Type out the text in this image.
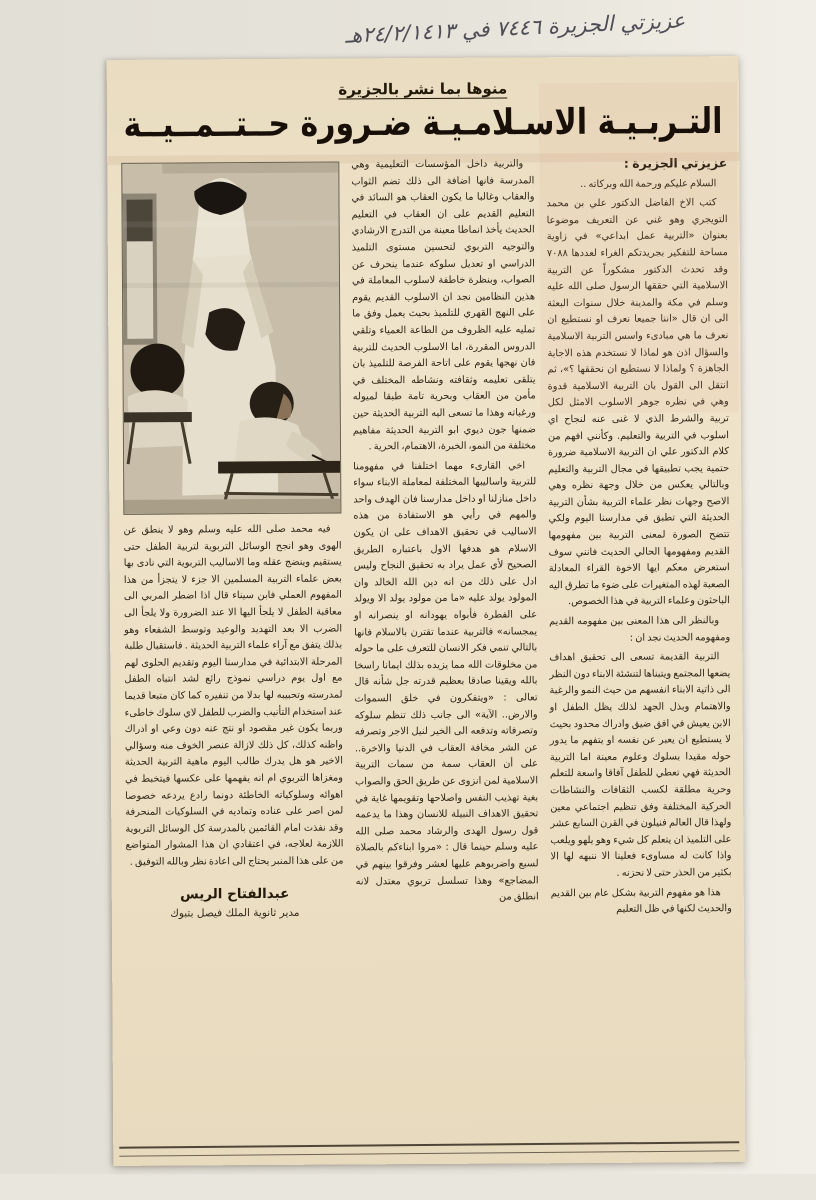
عزيزتي الجزيرة ٧٤٤٦ في ٢٤/٢/١٤١٣هـ
منوها بما نشر بالجزيرة
التـربـيـة الاسـلامـيـة ضـرورة حــتــمــيــة

عزيزتي الجزيرة :

السلام عليكم ورحمة الله وبركاته ..

كتب الاخ الفاضل الدكتور علي بن محمد التويجري وهو غني عن التعريف موضوعا بعنوان «التربية عمل ابداعي» في زاوية مساحة للتفكير بجريدتكم الغراء لعددها ٧٠٨٨ وقد تحدث الدكتور مشكوراً عن التربية الاسلامية التي حققها الرسول صلى الله عليه وسلم في مكة والمدينة خلال سنوات البعثة الى ان قال «اننا جميعا نعرف او نستطيع ان نعرف ما هي مبادىء واسس التربية الاسلامية والسؤال اذن هو لماذا لا نستخدم هذه الاجابة الجاهزة ؟ ولماذا لا نستطيع ان نحققها ؟»، ثم انتقل الى القول بان التربية الاسلامية قدوة وهي في نظره جوهر الاسلوب الامثل لكل تربية والشرط الذي لا غنى عنه لنجاح اي اسلوب في التربية والتعليم. وكأنني افهم من كلام الدكتور علي ان التربية الاسلامية ضرورة حتمية يجب تطبيقها في مجال التربية والتعليم وبالتالي يعكس من خلال وجهة نظره وهي الاصح وجهات نظر علماء التربية بشأن التربية الحديثة التي تطبق في مدارسنا اليوم ولكي تتضح الصورة لمعنى التربية بين مفهومها القديم ومفهومها الحالي الحديث فانني سوف استعرض معكم ايها الاخوة القراء المعادلة الصعبة لهذه المتغيرات على ضوء ما تطرق اليه الباحثون وعلماء التربية في هذا الخصوص.

وبالنظر الى هذا المعنى بين مفهومه القديم ومفهومه الحديث نجد ان :

التربية القديمة تسعى الى تحقيق اهداف يضعها المجتمع ويتبناها لتنشئة الابناء دون النظر الى ذاتية الابناء انفسهم من حيث النمو والرغبة والاهتمام وبذل الجهد لذلك يظل الطفل او الابن يعيش في افق ضيق وادراك محدود بحيث لا يستطيع ان يعبر عن نفسه او يتفهم ما يدور حوله مقيدا بسلوك وعلوم معينة اما التربية الحديثة فهي تعطي للطفل آفاقا واسعة للتعلم وحرية مطلقة لكسب الثقافات والنشاطات الحركية المختلفة وفق تنظيم اجتماعي معين ولهذا قال العالم فنيلون في القرن السابع عشر على التلميذ ان يتعلم كل شيء وهو يلهو ويلعب واذا كانت له مساوىء فعلينا الا ننبهه لها الا بكثير من الحذر حتى لا نحزنه .

هذا هو مفهوم التربية بشكل عام بين القديم والحديث لكنها في ظل التعليم

والتربية داخل المؤسسات التعليمية وهي المدرسة فانها اضافة الى ذلك تضم الثواب والعقاب وغالبا ما يكون العقاب هو السائد في التعليم القديم على ان العقاب في التعليم الحديث يأخذ انماطا معينة من التدرج الارشادي والتوجيه التربوي لتحسين مستوى التلميذ الدراسي او تعديل سلوكه عندما ينحرف عن الصواب، وبنظرة خاطفة لاسلوب المعاملة في هذين النظامين نجد ان الاسلوب القديم يقوم على النهج القهري للتلميذ بحيث يعمل وفق ما تمليه عليه الظروف من الطاعة العمياء وتلقي الدروس المقررة، اما الاسلوب الحديث للتربية فان نهجها يقوم على اتاحة الفرصة للتلميذ بان يتلقى تعليمه وثقافته ونشاطه المختلف في مأمن من العقاب وبحرية تامة طبقا لميوله ورغباته وهذا ما تسعى اليه التربية الحديثة حين ضمنها جون ديوي ابو التربية الحديثة مفاهيم مختلفة من النمو، الخبرة، الاهتمام، الحرية .

اخي القارىء مهما اختلفنا في مفهومنا للتربية واساليبها المختلفة لمعاملة الابناء سواء داخل منازلنا او داخل مدارسنا فان الهدف واحد والمهم في رأيي هو الاستفادة من هذه الاساليب في تحقيق الاهداف على ان يكون الاسلام هو هدفها الاول باعتباره الطريق الصحيح لأي عمل يراد به تحقيق النجاح وليس ادل على ذلك من انه دين الله الخالد وان المولود يولد عليه «ما من مولود يولد الا ويولد على الفطرة فأبواه يهودانه او ينصرانه او يمجسانه» فالتربية عندما تقترن بالاسلام فانها بالتالي تنمي فكر الانسان للتعرف على ما حوله من مخلوقات الله مما يزيده بذلك ايمانا راسخا بالله ويقينا صادقا بعظيم قدرته جل شأنه قال تعالى : «ويتفكرون في خلق السموات والارض.. الآية» الى جانب ذلك تنظم سلوكه وتصرفاته وتدفعه الى الخير لنيل الاجر وتصرفه عن الشر مخافة العقاب في الدنيا والاخرة.. على أن العقاب سمة من سمات التربية الاسلامية لمن انزوى عن طريق الحق والصواب بغية تهذيب النفس واصلاحها وتقويمها غاية في تحقيق الاهداف النبيلة للانسان وهذا ما يدعمه قول رسول الهدى والرشاد محمد صلى الله عليه وسلم حينما قال : «مروا ابناءكم بالصلاة لسبع واضربوهم عليها لعشر وفرقوا بينهم في المضاجع» وهذا تسلسل تربوي معتدل لانه انطلق من

فيه محمد صلى الله عليه وسلم وهو لا ينطق عن الهوى وهو انجح الوسائل التربوية لتربية الطفل حتى يستقيم وينضج عقله وما الاساليب التربوية التي نادى بها بعض علماء التربية المسلمين الا جزء لا يتجزأ من هذا المفهوم العملي فابن سيناء قال اذا اضطر المربي الى معاقبة الطفل لا يلجأ اليها الا عند الضرورة ولا يلجأ الى الضرب الا بعد التهديد والوعيد وتوسط الشفعاء وهو بذلك يتفق مع آراء علماء التربية الحديثة . فاستقبال طلبة المرحلة الابتدائية في مدارسنا اليوم وتقديم الحلوى لهم مع اول يوم دراسي نموذج رائع لشد انتباه الطفل لمدرسته وتحبيبه لها بدلا من تنفيره كما كان متبعا قديما عند استخدام التأنيب والضرب للطفل لاي سلوك خاطىء وربما يكون غير مقصود او نتج عنه دون وعي او ادراك واظنه كذلك، كل ذلك لازالة عنصر الخوف منه وسؤالي الاخير هو هل يدرك طالب اليوم ماهية التربية الحديثة ومغزاها التربوي ام انه يفهمها على عكسها فيتخبط في اهوائه وسلوكياته الخاطئة دونما رادع يردعه خصوصا لمن اصر على عناده وتماديه في السلوكيات المنحرفة وقد نفذت امام القائمين بالمدرسة كل الوسائل التربوية اللازمة لعلاجه، في اعتقادي ان هذا المشوار المتواضع من على هذا المنبر يحتاج الى اعادة نظر وبالله التوفيق .

عبدالفتاح الريس
مدير ثانوية الملك فيصل بتبوك
